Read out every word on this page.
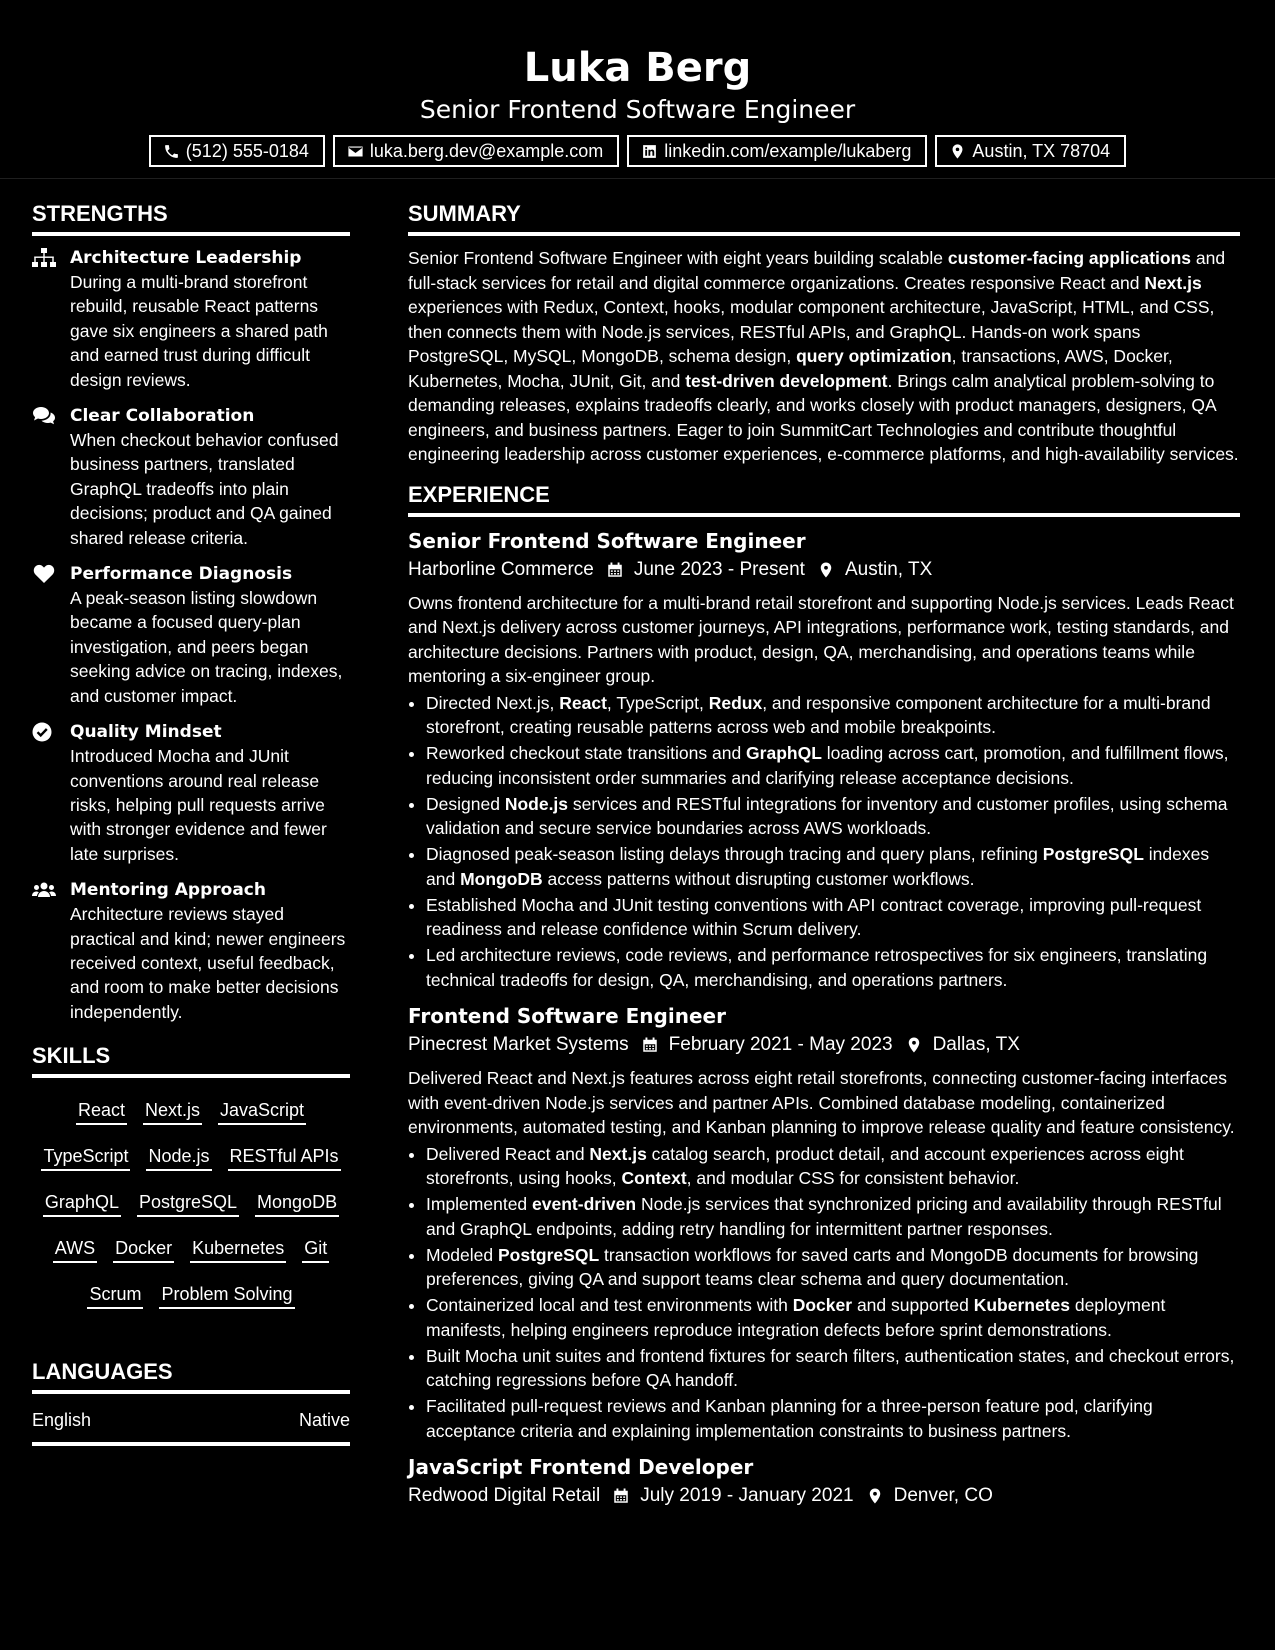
Luka Berg
Senior Frontend Software Engineer
(512) 555-0184	luka.berg.dev@example.com	linkedin.com/example/lukaberg	Austin, TX 78704
STRENGTHS
Architecture Leadership
During a multi-brand storefront rebuild, reusable React patterns gave six engineers a shared path and earned trust during difficult design reviews.
Clear Collaboration
When checkout behavior confused business partners, translated GraphQL tradeoffs into plain decisions; product and QA gained shared release criteria.
Performance Diagnosis
A peak-season listing slowdown became a focused query-plan investigation, and peers began seeking advice on tracing, indexes, and customer impact.
Quality Mindset
Introduced Mocha and JUnit conventions around real release risks, helping pull requests arrive with stronger evidence and fewer late surprises.
Mentoring Approach
Architecture reviews stayed practical and kind; newer engineers received context, useful feedback, and room to make better decisions independently.
SKILLS
React Next.js JavaScript
TypeScript Node.js RESTful APIs
GraphQL PostgreSQL MongoDB
AWS Docker Kubernetes Git
Scrum Problem Solving
LANGUAGES
English	Native
SUMMARY
Senior Frontend Software Engineer with eight years building scalable customer-facing applications and full-stack services for retail and digital commerce organizations. Creates responsive React and Next.js experiences with Redux, Context, hooks, modular component architecture, JavaScript, HTML, and CSS, then connects them with Node.js services, RESTful APIs, and GraphQL. Hands-on work spans PostgreSQL, MySQL, MongoDB, schema design, query optimization, transactions, AWS, Docker, Kubernetes, Mocha, JUnit, Git, and test-driven development. Brings calm analytical problem-solving to demanding releases, explains tradeoffs clearly, and works closely with product managers, designers, QA engineers, and business partners. Eager to join SummitCart Technologies and contribute thoughtful engineering leadership across customer experiences, e-commerce platforms, and high-availability services.
EXPERIENCE
Senior Frontend Software Engineer
Harborline Commerce June 2023 - Present Austin, TX
Owns frontend architecture for a multi-brand retail storefront and supporting Node.js services. Leads React and Next.js delivery across customer journeys, API integrations, performance work, testing standards, and architecture decisions. Partners with product, design, QA, merchandising, and operations teams while mentoring a six-engineer group.
• Directed Next.js, React, TypeScript, Redux, and responsive component architecture for a multi-brand storefront, creating reusable patterns across web and mobile breakpoints.
• Reworked checkout state transitions and GraphQL loading across cart, promotion, and fulfillment flows, reducing inconsistent order summaries and clarifying release acceptance decisions.
• Designed Node.js services and RESTful integrations for inventory and customer profiles, using schema validation and secure service boundaries across AWS workloads.
• Diagnosed peak-season listing delays through tracing and query plans, refining PostgreSQL indexes and MongoDB access patterns without disrupting customer workflows.
• Established Mocha and JUnit testing conventions with API contract coverage, improving pull-request readiness and release confidence within Scrum delivery.
• Led architecture reviews, code reviews, and performance retrospectives for six engineers, translating technical tradeoffs for design, QA, merchandising, and operations partners.
Frontend Software Engineer
Pinecrest Market Systems February 2021 - May 2023 Dallas, TX
Delivered React and Next.js features across eight retail storefronts, connecting customer-facing interfaces with event-driven Node.js services and partner APIs. Combined database modeling, containerized environments, automated testing, and Kanban planning to improve release quality and feature consistency.
• Delivered React and Next.js catalog search, product detail, and account experiences across eight storefronts, using hooks, Context, and modular CSS for consistent behavior.
• Implemented event-driven Node.js services that synchronized pricing and availability through RESTful and GraphQL endpoints, adding retry handling for intermittent partner responses.
• Modeled PostgreSQL transaction workflows for saved carts and MongoDB documents for browsing preferences, giving QA and support teams clear schema and query documentation.
• Containerized local and test environments with Docker and supported Kubernetes deployment manifests, helping engineers reproduce integration defects before sprint demonstrations.
• Built Mocha unit suites and frontend fixtures for search filters, authentication states, and checkout errors, catching regressions before QA handoff.
• Facilitated pull-request reviews and Kanban planning for a three-person feature pod, clarifying acceptance criteria and explaining implementation constraints to business partners.
JavaScript Frontend Developer
Redwood Digital Retail July 2019 - January 2021 Denver, CO
